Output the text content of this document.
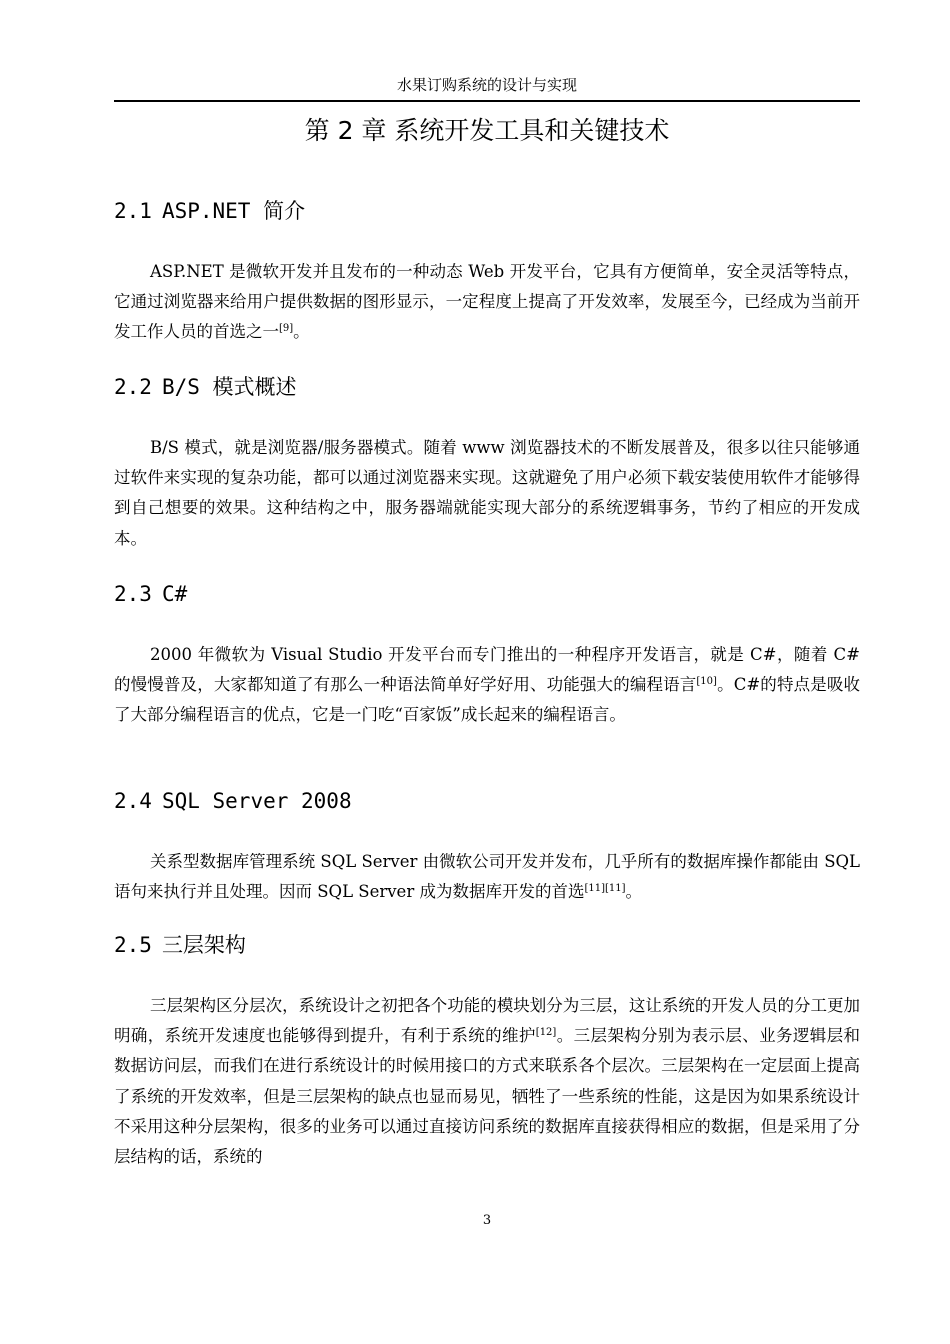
水果订购系统的设计与实现
第 2 章 系统开发工具和关键技术
2.1 ASP.NET 简介

ASP.NET 是微软开发并且发布的一种动态 Web 开发平台，它具有方便简单，安全灵活等特点，它通过浏览器来给用户提供数据的图形显示，一定程度上提高了开发效率，发展至今，已经成为当前开发工作人员的首选之一[9]。

2.2 B/S 模式概述

B/S 模式，就是浏览器/服务器模式。随着 www 浏览器技术的不断发展普及，很多以往只能够通过软件来实现的复杂功能，都可以通过浏览器来实现。这就避免了用户必须下载安装使用软件才能够得到自己想要的效果。这种结构之中，服务器端就能实现大部分的系统逻辑事务，节约了相应的开发成本。

2.3 C#

2000 年微软为 Visual Studio 开发平台而专门推出的一种程序开发语言，就是 C#，随着 C#的慢慢普及，大家都知道了有那么一种语法简单好学好用、功能强大的编程语言[10]。C#的特点是吸收了大部分编程语言的优点，它是一门吃“百家饭”成长起来的编程语言。

2.4 SQL Server 2008

关系型数据库管理系统 SQL Server 由微软公司开发并发布，几乎所有的数据库操作都能由 SQL 语句来执行并且处理。因而 SQL Server 成为数据库开发的首选[11][11]。

2.5 三层架构

三层架构区分层次，系统设计之初把各个功能的模块划分为三层，这让系统的开发人员的分工更加明确，系统开发速度也能够得到提升，有利于系统的维护[12]。三层架构分别为表示层、业务逻辑层和数据访问层，而我们在进行系统设计的时候用接口的方式来联系各个层次。三层架构在一定层面上提高了系统的开发效率，但是三层架构的缺点也显而易见，牺牲了一些系统的性能，这是因为如果系统设计不采用这种分层架构，很多的业务可以通过直接访问系统的数据库直接获得相应的数据，但是采用了分层结构的话，系统的

3
